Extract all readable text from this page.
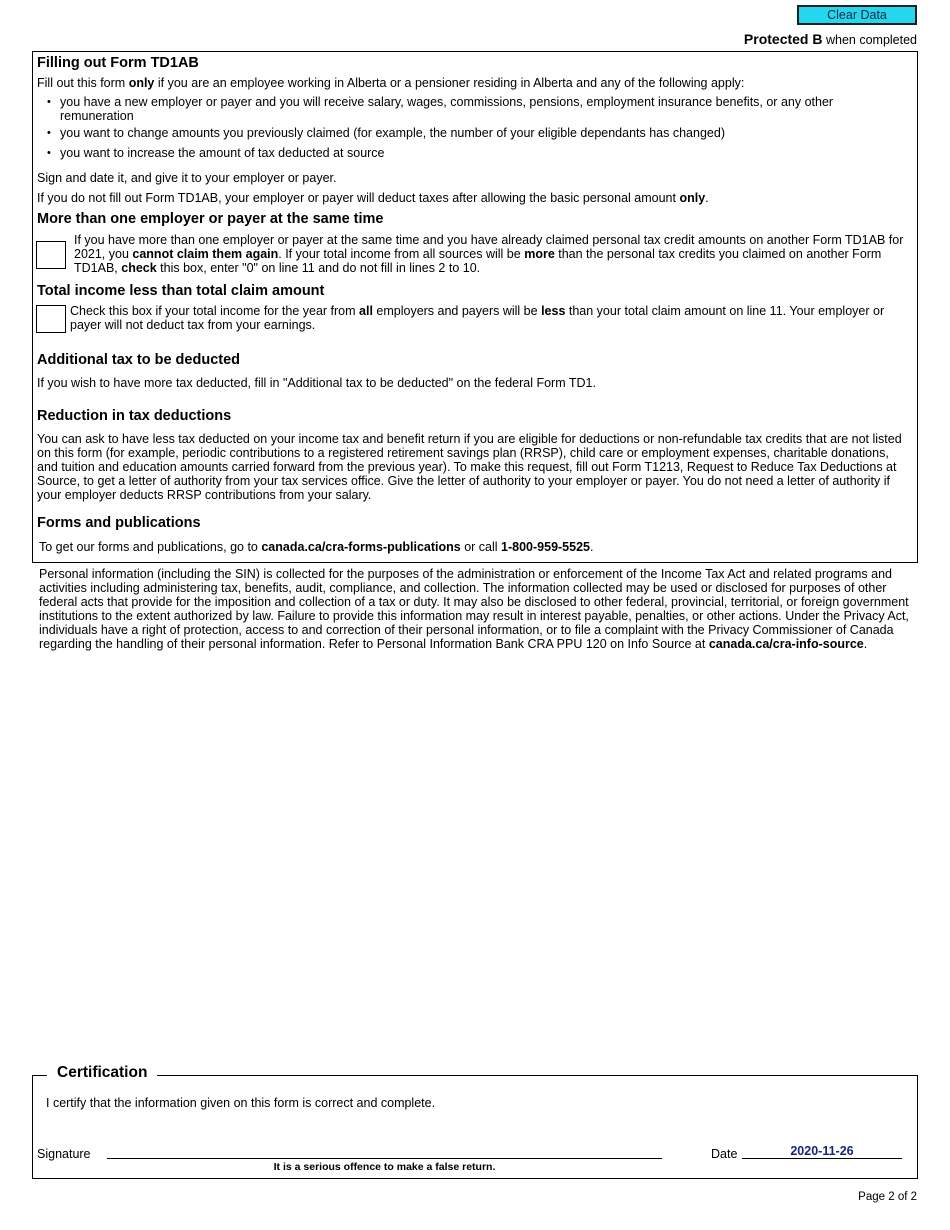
Clear Data
Protected B when completed
Filling out Form TD1AB

Fill out this form only if you are an employee working in Alberta or a pensioner residing in Alberta and any of the following apply:

• you have a new employer or payer and you will receive salary, wages, commissions, pensions, employment insurance benefits, or any other remuneration

• you want to change amounts you previously claimed (for example, the number of your eligible dependants has changed)

• you want to increase the amount of tax deducted at source

Sign and date it, and give it to your employer or payer.

If you do not fill out Form TD1AB, your employer or payer will deduct taxes after allowing the basic personal amount only.

More than one employer or payer at the same time

If you have more than one employer or payer at the same time and you have already claimed personal tax credit amounts on another Form TD1AB for 2021, you cannot claim them again. If your total income from all sources will be more than the personal tax credits you claimed on another Form TD1AB, check this box, enter "0" on line 11 and do not fill in lines 2 to 10.

Total income less than total claim amount

Check this box if your total income for the year from all employers and payers will be less than your total claim amount on line 11. Your employer or payer will not deduct tax from your earnings.

Additional tax to be deducted

If you wish to have more tax deducted, fill in "Additional tax to be deducted" on the federal Form TD1.

Reduction in tax deductions

You can ask to have less tax deducted on your income tax and benefit return if you are eligible for deductions or non-refundable tax credits that are not listed on this form (for example, periodic contributions to a registered retirement savings plan (RRSP), child care or employment expenses, charitable donations, and tuition and education amounts carried forward from the previous year). To make this request, fill out Form T1213, Request to Reduce Tax Deductions at Source, to get a letter of authority from your tax services office. Give the letter of authority to your employer or payer. You do not need a letter of authority if your employer deducts RRSP contributions from your salary.

Forms and publications

To get our forms and publications, go to canada.ca/cra-forms-publications or call 1-800-959-5525.

Personal information (including the SIN) is collected for the purposes of the administration or enforcement of the Income Tax Act and related programs and activities including administering tax, benefits, audit, compliance, and collection. The information collected may be used or disclosed for purposes of other federal acts that provide for the imposition and collection of a tax or duty. It may also be disclosed to other federal, provincial, territorial, or foreign government institutions to the extent authorized by law. Failure to provide this information may result in interest payable, penalties, or other actions. Under the Privacy Act, individuals have a right of protection, access to and correction of their personal information, or to file a complaint with the Privacy Commissioner of Canada regarding the handling of their personal information. Refer to Personal Information Bank CRA PPU 120 on Info Source at canada.ca/cra-info-source.

Certification

I certify that the information given on this form is correct and complete.

Signature
It is a serious offence to make a false return.
Date	2020-11-26
Page 2 of 2
